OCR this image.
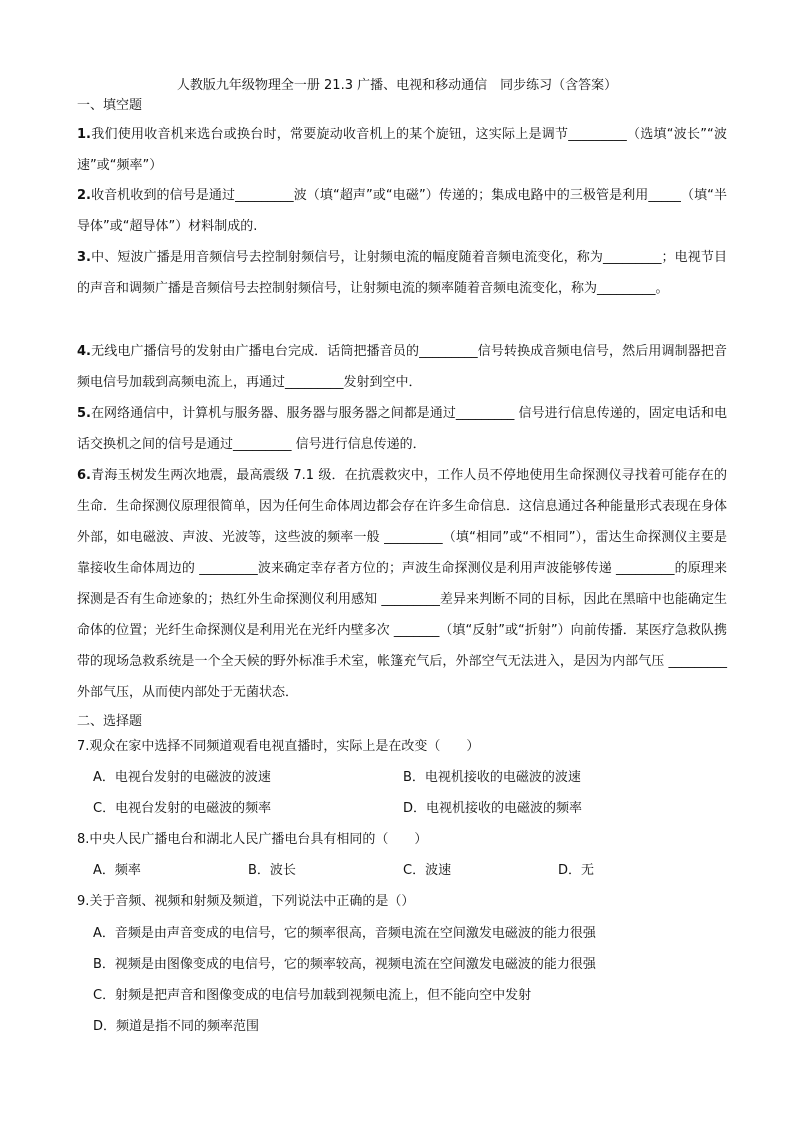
人教版九年级物理全一册 21.3 广播、电视和移动通信　同步练习（含答案）
一、填空题
1.我们使用收音机来选台或换台时，常要旋动收音机上的某个旋钮，这实际上是调节_________（选填“波长”“波 速”或“频率”）
2.收音机收到的信号是通过_________波（填“超声”或“电磁”）传递的；集成电路中的三极管是利用_____（填“半导体”或“超导体”）材料制成的.
3.中、短波广播是用音频信号去控制射频信号，让射频电流的幅度随着音频电流变化，称为_________；电视节目的声音和调频广播是音频信号去控制射频信号，让射频电流的频率随着音频电流变化，称为_________。
4.无线电广播信号的发射由广播电台完成．话筒把播音员的_________信号转换成音频电信号，然后用调制器把音频电信号加载到高频电流上，再通过_________发射到空中．
5.在网络通信中，计算机与服务器、服务器与服务器之间都是通过_________ 信号进行信息传递的，固定电话和电话交换机之间的信号是通过_________ 信号进行信息传递的．
6.青海玉树发生两次地震，最高震级 7.1 级．在抗震救灾中，工作人员不停地使用生命探测仪寻找着可能存在的生命．生命探测仪原理很简单，因为任何生命体周边都会存在许多生命信息．这信息通过各种能量形式表现在身体外部，如电磁波、声波、光波等，这些波的频率一般 _________（填“相同”或“不相同”），雷达生命探测仪主要是靠接收生命体周边的 _________波来确定幸存者方位的；声波生命探测仪是利用声波能够传递 _________的原理来探测是否有生命迹象的；热红外生命探测仪利用感知 _________差异来判断不同的目标，因此在黑暗中也能确定生命体的位置；光纤生命探测仪是利用光在光纤内壁多次 _______（填“反射”或“折射”）向前传播．某医疗急救队携带的现场急救系统是一个全天候的野外标准手术室，帐篷充气后，外部空气无法进入，是因为内部气压 _________外部气压，从而使内部处于无菌状态．
二、选择题
7.观众在家中选择不同频道观看电视直播时，实际上是在改变（　　）
A．电视台发射的电磁波的波速	B．电视机接收的电磁波的波速
C．电视台发射的电磁波的频率	D．电视机接收的电磁波的频率
8.中央人民广播电台和湖北人民广播电台具有相同的（　　）
A．频率	B．波长	C．波速	D．无
9.关于音频、视频和射频及频道，下列说法中正确的是（）
A．音频是由声音变成的电信号，它的频率很高，音频电流在空间激发电磁波的能力很强
B．视频是由图像变成的电信号，它的频率较高，视频电流在空间激发电磁波的能力很强
C．射频是把声音和图像变成的电信号加载到视频电流上，但不能向空中发射
D．频道是指不同的频率范围
